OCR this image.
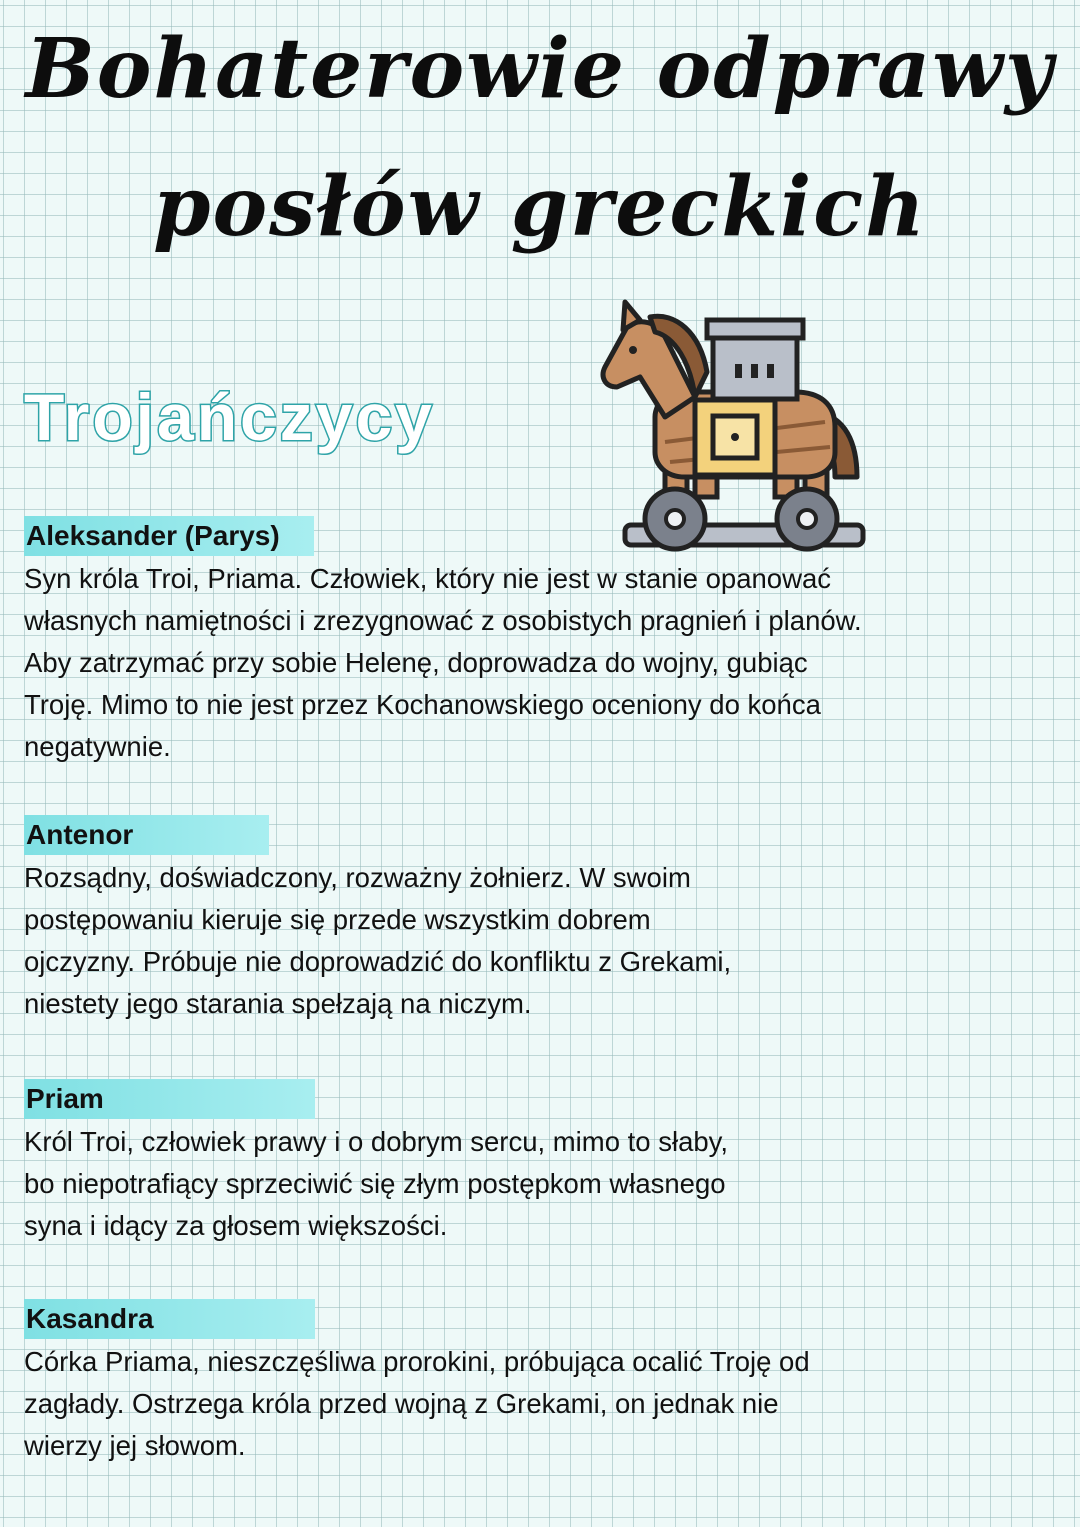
Bohaterowie odprawy
posłów greckich
Trojańczycy
Aleksander (Parys)
Syn króla Troi, Priama. Człowiek, który nie jest w stanie opanować
własnych namiętności i zrezygnować z osobistych pragnień i planów.
Aby zatrzymać przy sobie Helenę, doprowadza do wojny, gubiąc
Troję. Mimo to nie jest przez Kochanowskiego oceniony do końca
negatywnie.
Antenor
Rozsądny, doświadczony, rozważny żołnierz. W swoim
postępowaniu kieruje się przede wszystkim dobrem
ojczyzny. Próbuje nie doprowadzić do konfliktu z Grekami,
niestety jego starania spełzają na niczym.
Priam
Król Troi, człowiek prawy i o dobrym sercu, mimo to słaby,
bo niepotrafiący sprzeciwić się złym postępkom własnego
syna i idący za głosem większości.
Kasandra
Córka Priama, nieszczęśliwa prorokini, próbująca ocalić Troję od
zagłady. Ostrzega króla przed wojną z Grekami, on jednak nie
wierzy jej słowom.
